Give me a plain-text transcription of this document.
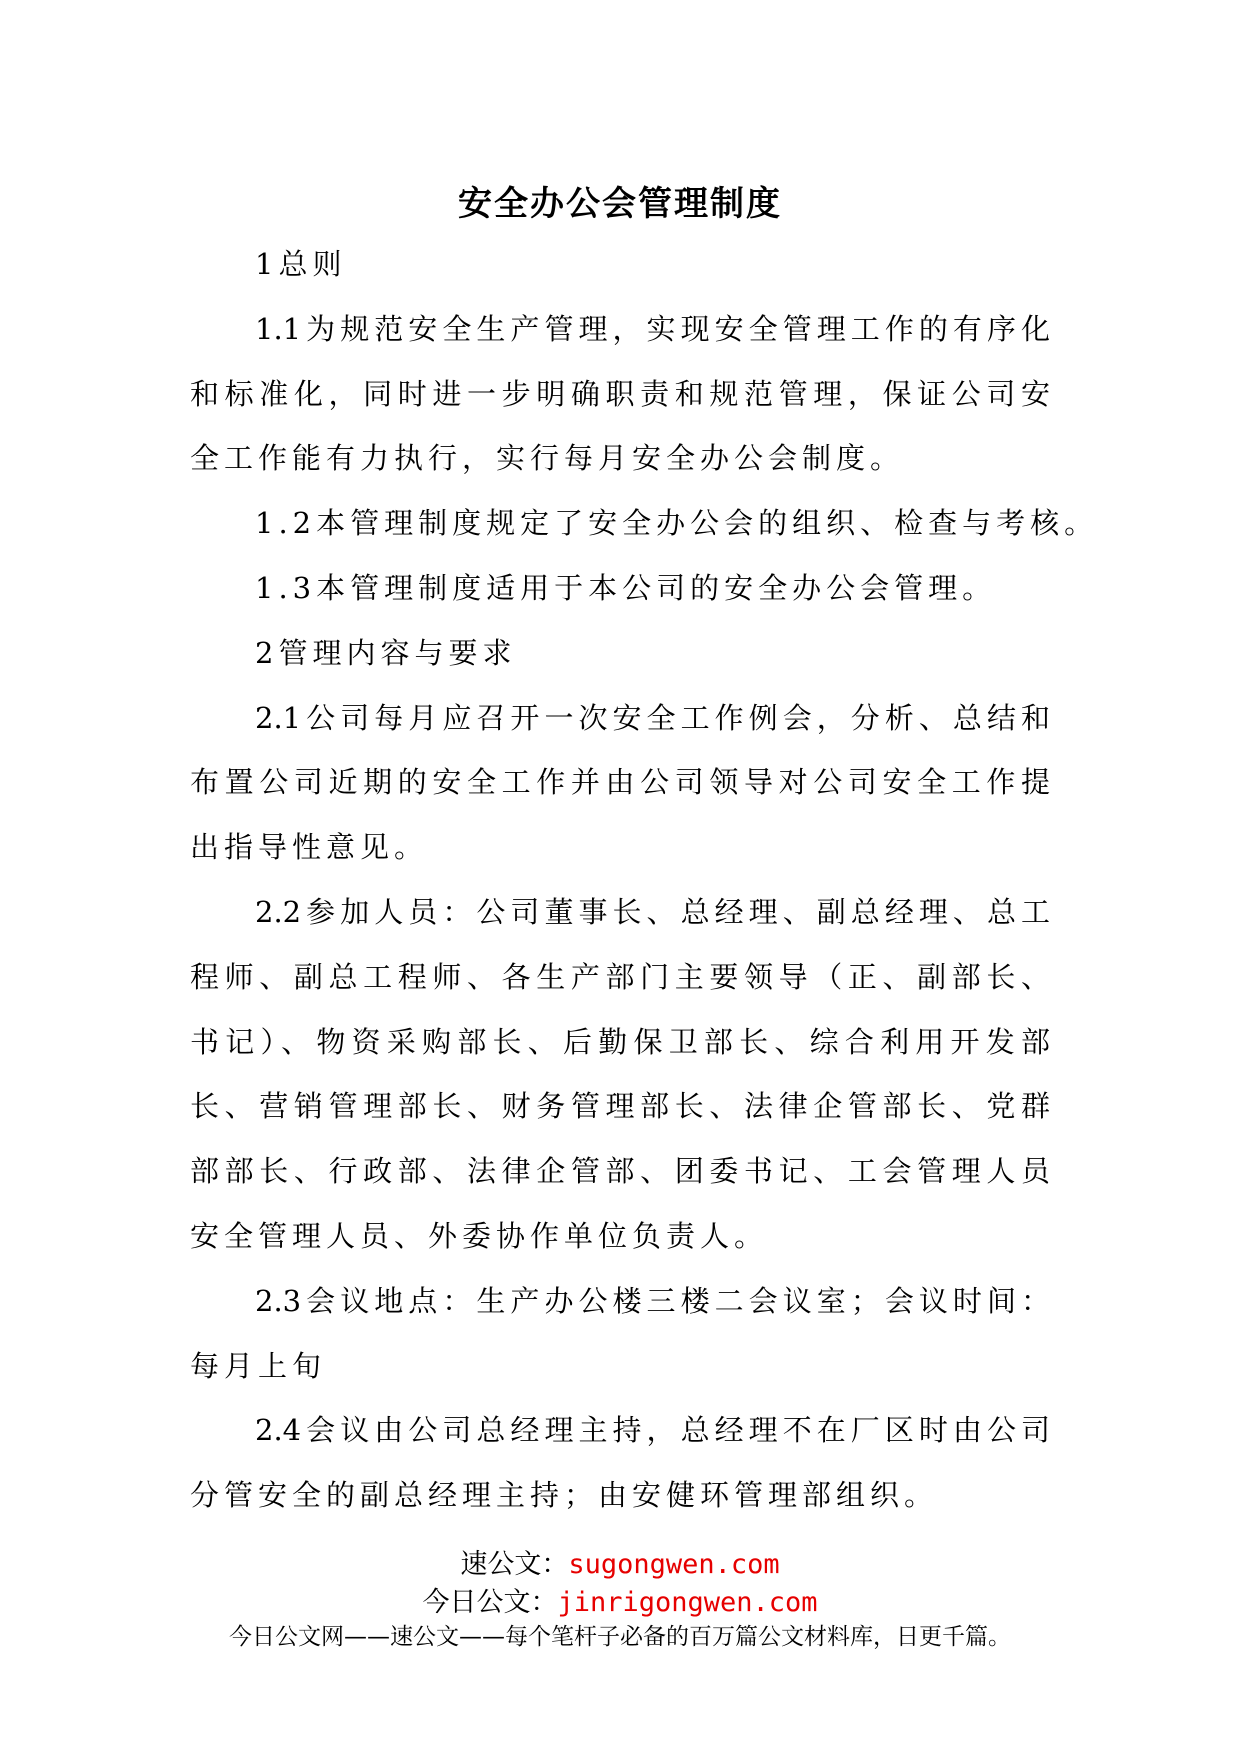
安全办公会管理制度
1总则
1.1为规范安全生产管理，实现安全管理工作的有序化
和标准化，同时进一步明确职责和规范管理，保证公司安
全工作能有力执行，实行每月安全办公会制度。
1.2本管理制度规定了安全办公会的组织、检查与考核。
1.3本管理制度适用于本公司的安全办公会管理。
2管理内容与要求
2.1公司每月应召开一次安全工作例会，分析、总结和
布置公司近期的安全工作并由公司领导对公司安全工作提
出指导性意见。
2.2参加人员：公司董事长、总经理、副总经理、总工
程师、副总工程师、各生产部门主要领导（正、副部长、
书记）、物资采购部长、后勤保卫部长、综合利用开发部
长、营销管理部长、财务管理部长、法律企管部长、党群
部部长、行政部、法律企管部、团委书记、工会管理人员
安全管理人员、外委协作单位负责人。
2.3会议地点：生产办公楼三楼二会议室；会议时间：
每月上旬
2.4会议由公司总经理主持，总经理不在厂区时由公司
分管安全的副总经理主持；由安健环管理部组织。
速公文：sugongwen.com
今日公文：jinrigongwen.com
今日公文网——速公文——每个笔杆子必备的百万篇公文材料库，日更千篇。
